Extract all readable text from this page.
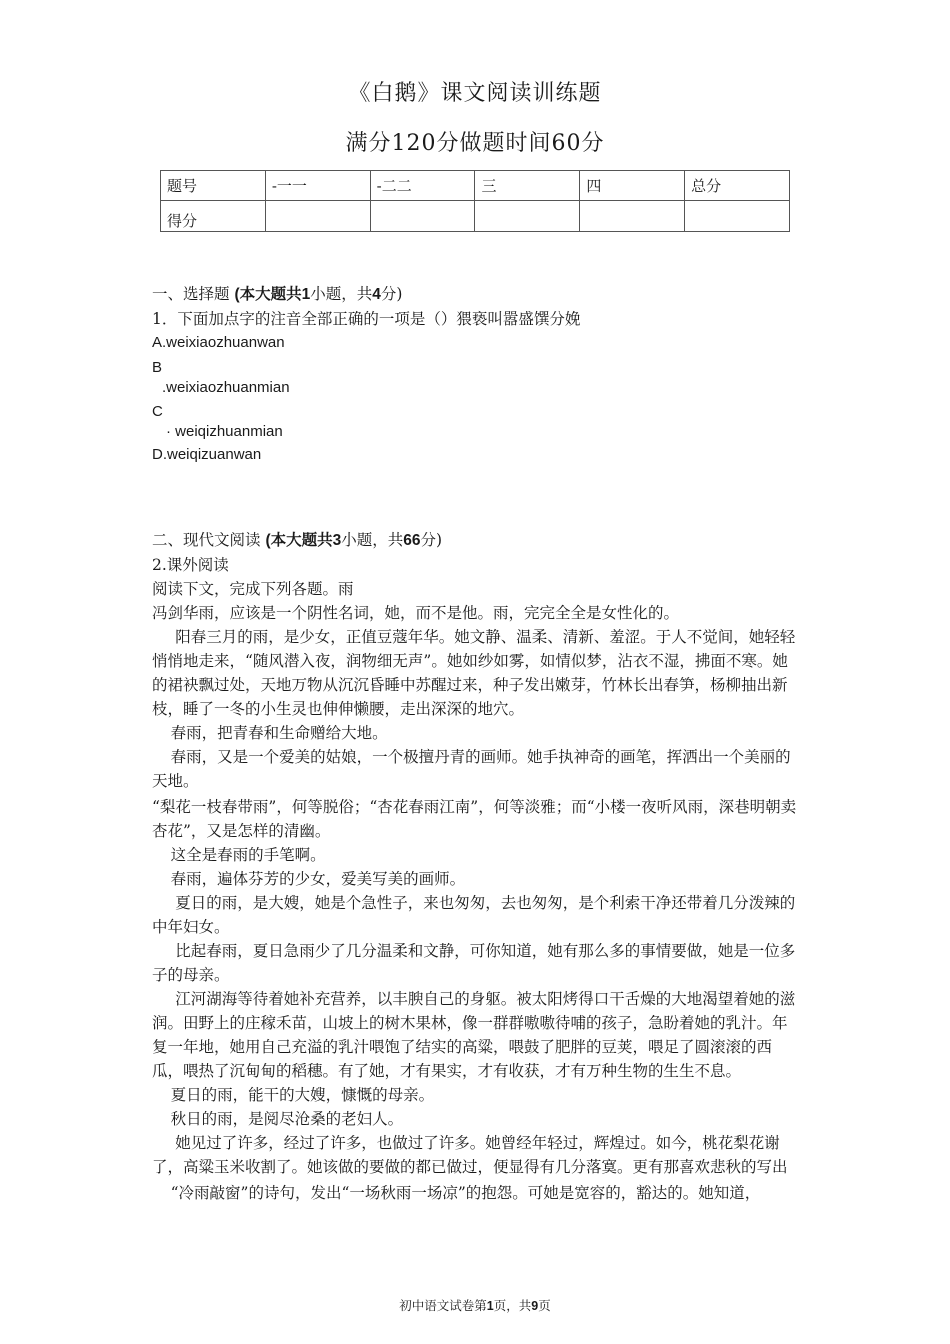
《白鹅》课文阅读训练题
满分120分做题时间60分
题号	-一一	-二二	三	四	总分
得分					

一、选择题 (本大题共1小题，共4分)

1．下面加点字的注音全部正确的一项是（）猥亵叫嚣盛馔分娩

A.weixiaozhuanwan

B

.weixiaozhuanmian

C

· weiqizhuanmian

D.weiqizuanwan

二、现代文阅读 (本大题共3小题，共66分)

2.课外阅读

阅读下文，完成下列各题。雨

冯剑华雨，应该是一个阴性名词，她，而不是他。雨，完完全全是女性化的。

阳春三月的雨，是少女，正值豆蔻年华。她文静、温柔、清新、羞涩。于人不觉间，她轻轻悄悄地走来，“随风潜入夜，润物细无声”。她如纱如雾，如情似梦，沾衣不湿，拂面不寒。她的裙袂飘过处，天地万物从沉沉昏睡中苏醒过来，种子发出嫩芽，竹林长出春笋，杨柳抽出新枝，睡了一冬的小生灵也伸伸懒腰，走出深深的地穴。

春雨，把青春和生命赠给大地。

春雨，又是一个爱美的姑娘，一个极擅丹青的画师。她手执神奇的画笔，挥洒出一个美丽的天地。

“梨花一枝春带雨”，何等脱俗；“杏花春雨江南”，何等淡雅；而“小楼一夜听风雨，深巷明朝卖杏花”，又是怎样的清幽。

这全是春雨的手笔啊。

春雨，遍体芬芳的少女，爱美写美的画师。

夏日的雨，是大嫂，她是个急性子，来也匆匆，去也匆匆，是个利索干净还带着几分泼辣的中年妇女。

比起春雨，夏日急雨少了几分温柔和文静，可你知道，她有那么多的事情要做，她是一位多子的母亲。

江河湖海等待着她补充营养，以丰腴自己的身躯。被太阳烤得口干舌燥的大地渴望着她的滋润。田野上的庄稼禾苗，山坡上的树木果林，像一群群嗷嗷待哺的孩子，急盼着她的乳汁。年复一年地，她用自己充溢的乳汁喂饱了结实的高粱，喂鼓了肥胖的豆荚，喂足了圆滚滚的西瓜，喂热了沉甸甸的稻穗。有了她，才有果实，才有收获，才有万种生物的生生不息。

夏日的雨，能干的大嫂，慷慨的母亲。

秋日的雨，是阅尽沧桑的老妇人。

她见过了许多，经过了许多，也做过了许多。她曾经年轻过，辉煌过。如今，桃花梨花谢了，高粱玉米收割了。她该做的要做的都已做过，便显得有几分落寞。更有那喜欢悲秋的写出

“冷雨敲窗”的诗句，发出“一场秋雨一场凉”的抱怨。可她是宽容的，豁达的。她知道，

初中语文试卷第1页，共9页
